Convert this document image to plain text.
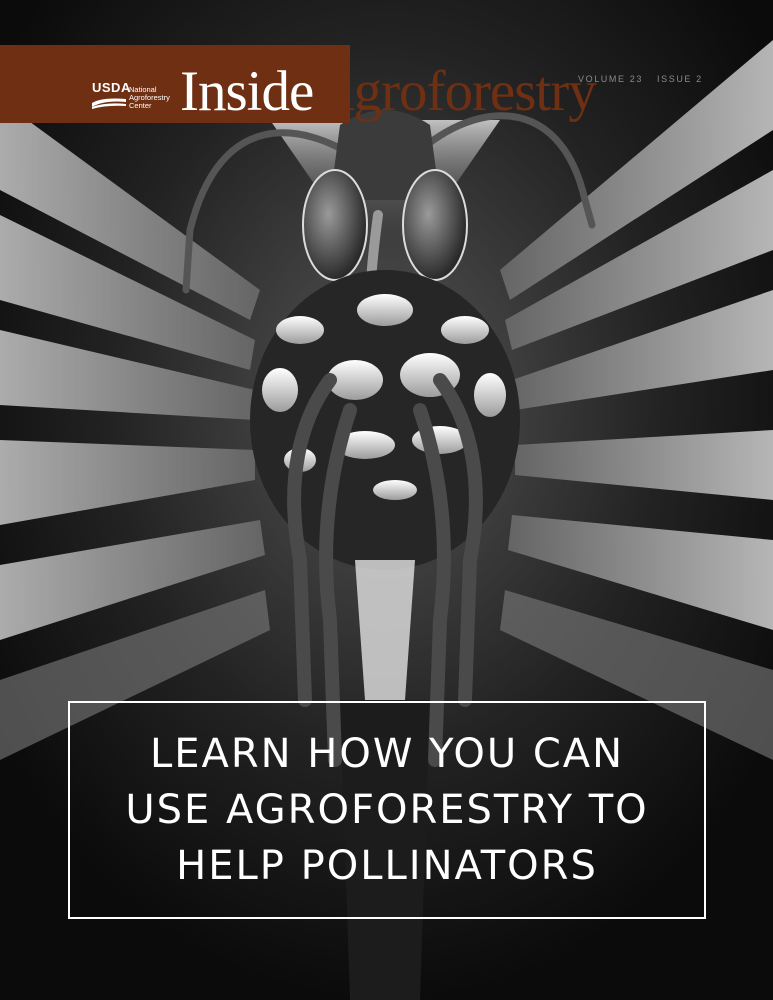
USDA
National
Agroforestry
Center InsideAgroforestry
VOLUME 23 ISSUE 2
LEARN HOW YOU CAN
USE AGROFORESTRY TO
HELP POLLINATORS
